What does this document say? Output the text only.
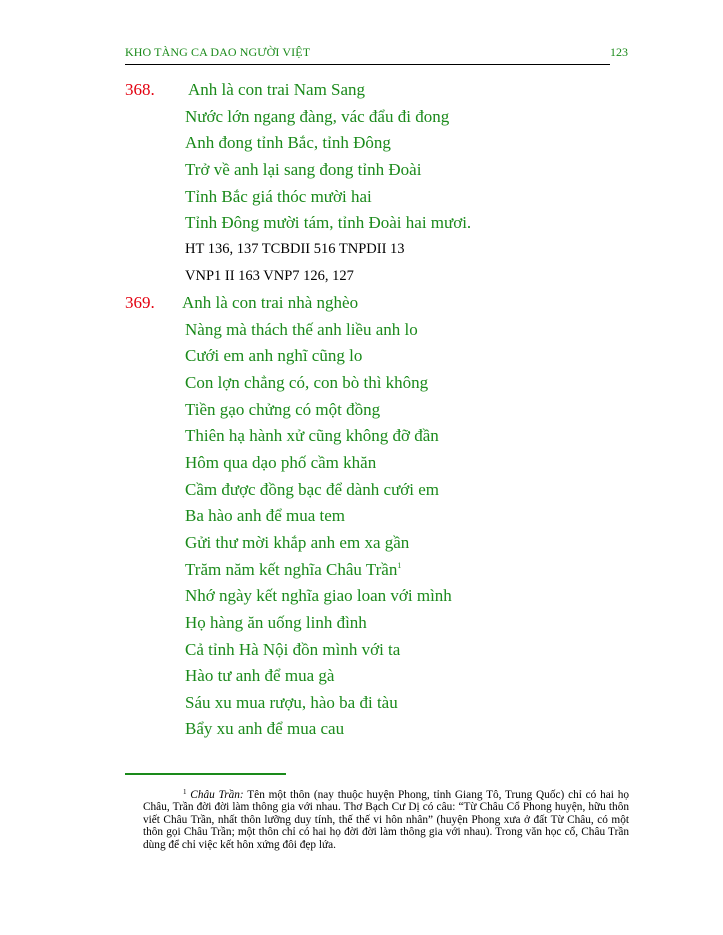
KHO TÀNG CA DAO NGƯỜI VIỆT	123
368. Anh là con trai Nam Sang
Nước lớn ngang đàng, vác đẩu đi đong
Anh đong tỉnh Bắc, tỉnh Đông
Trở về anh lại sang đong tỉnh Đoài
Tỉnh Bắc giá thóc mười hai
Tỉnh Đông mười tám, tỉnh Đoài hai mươi.
HT 136, 137 TCBDII 516 TNPDII 13
VNP1 II 163 VNP7 126, 127
369. Anh là con trai nhà nghèo
Nàng mà thách thế anh liều anh lo
Cưới em anh nghĩ cũng lo
Con lợn chẳng có, con bò thì không
Tiền gạo chửng có một đồng
Thiên hạ hành xử cũng không đỡ đần
Hôm qua dạo phố cầm khăn
Cầm được đồng bạc để dành cưới em
Ba hào anh để mua tem
Gửi thư mời khắp anh em xa gần
Trăm năm kết nghĩa Châu Trần$^1$
Nhớ ngày kết nghĩa giao loan với mình
Họ hàng ăn uống linh đình
Cả tỉnh Hà Nội đồn mình với ta
Hào tư anh để mua gà
Sáu xu mua rượu, hào ba đi tàu
Bẩy xu anh để mua cau
$^1$ Châu Trần: Tên một thôn (nay thuộc huyện Phong, tỉnh Giang Tô, Trung Quốc) chỉ có hai họ Châu, Trần đời đời làm thông gia với nhau. Thơ Bạch Cư Dị có câu: “Từ Châu Cổ Phong huyện, hữu thôn viết Châu Trần, nhất thôn lưỡng duy tính, thế thế vi hôn nhân” (huyện Phong xưa ở đất Từ Châu, có một thôn gọi Châu Trần; một thôn chỉ có hai họ đời đời làm thông gia với nhau). Trong văn học cổ, Châu Trần dùng để chỉ việc kết hôn xứng đôi đẹp lứa.
